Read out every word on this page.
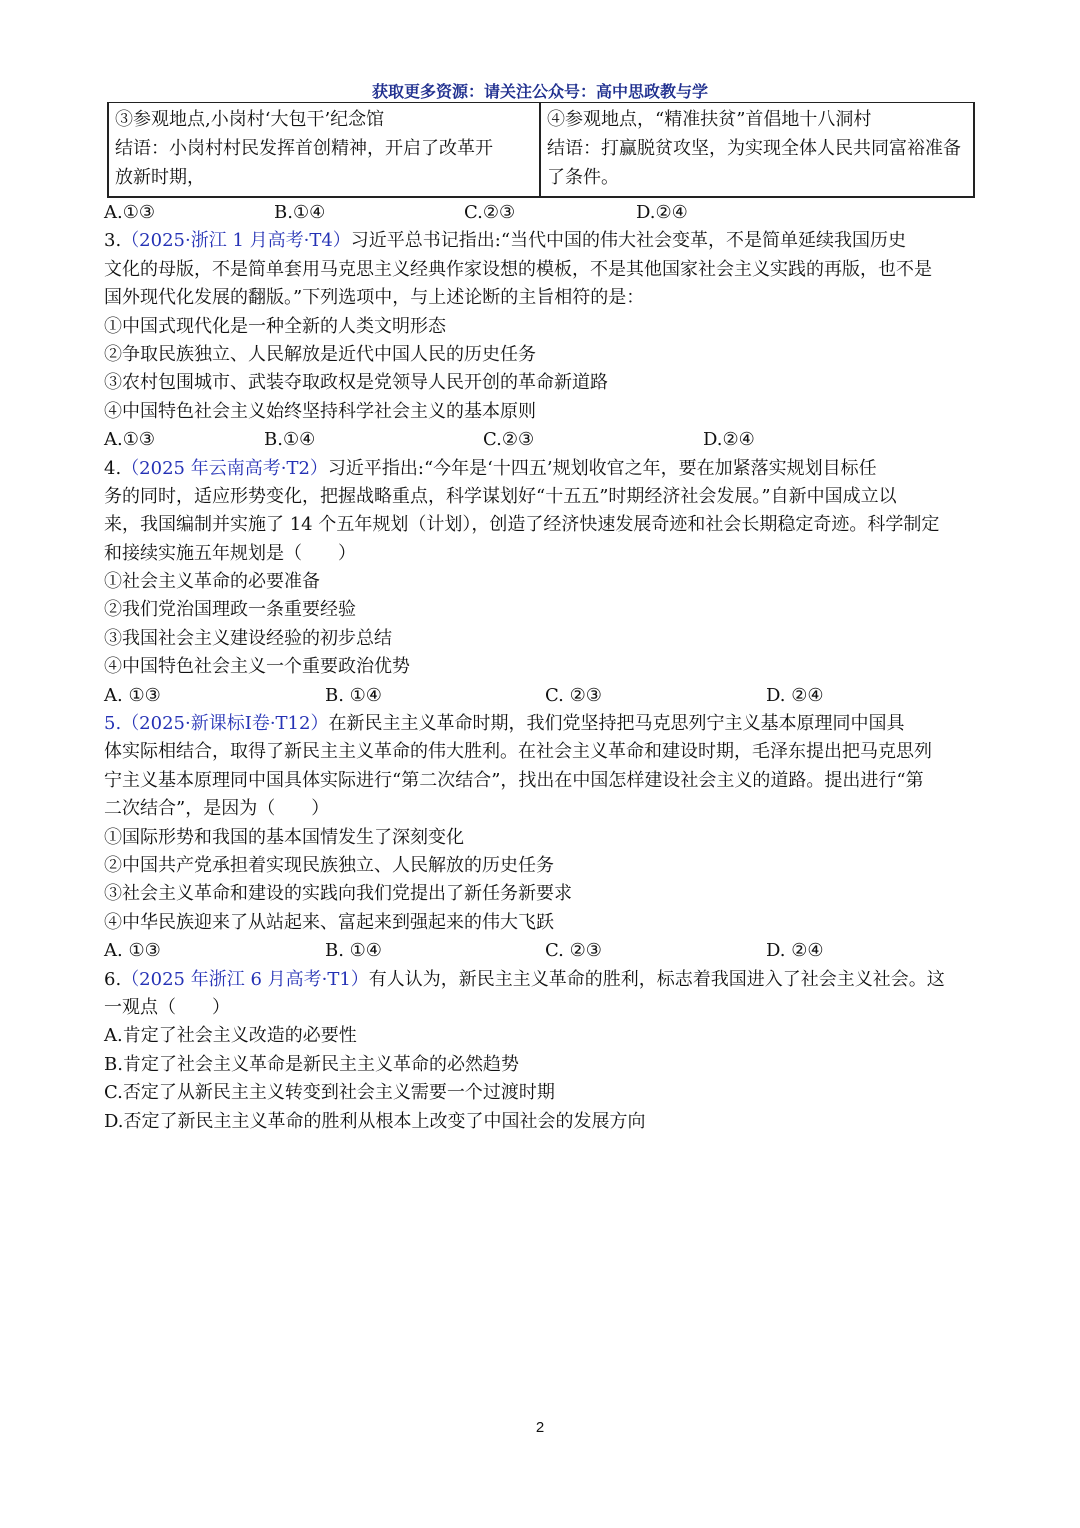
获取更多资源：请关注公众号：高中思政教与学
③参观地点,小岗村‘大包干’纪念馆
结语：小岗村村民发挥首创精神，开启了改革开
放新时期，
④参观地点，“精准扶贫”首倡地十八洞村
结语：打赢脱贫攻坚，为实现全体人民共同富裕准备
了条件。
A.①③	B.①④	C.②③	D.②④
3.（2025·浙江 1 月高考·T4）习近平总书记指出:“当代中国的伟大社会变革，不是简单延续我国历史
文化的母版，不是简单套用马克思主义经典作家设想的模板，不是其他国家社会主义实践的再版，也不是
国外现代化发展的翻版。”下列选项中，与上述论断的主旨相符的是：
①中国式现代化是一种全新的人类文明形态
②争取民族独立、人民解放是近代中国人民的历史任务
③农村包围城市、武装夺取政权是党领导人民开创的革命新道路
④中国特色社会主义始终坚持科学社会主义的基本原则
A.①③	B.①④	C.②③	D.②④
4.（2025 年云南高考·T2）习近平指出:“今年是‘十四五’规划收官之年，要在加紧落实规划目标任
务的同时，适应形势变化，把握战略重点，科学谋划好“十五五”时期经济社会发展。”自新中国成立以
来，我国编制并实施了 14 个五年规划（计划），创造了经济快速发展奇迹和社会长期稳定奇迹。科学制定
和接续实施五年规划是（　　）
①社会主义革命的必要准备
②我们党治国理政一条重要经验
③我国社会主义建设经验的初步总结
④中国特色社会主义一个重要政治优势
A. ①③	B. ①④	C. ②③	D. ②④
5.（2025·新课标Ⅰ卷·T12）在新民主主义革命时期，我们党坚持把马克思列宁主义基本原理同中国具
体实际相结合，取得了新民主主义革命的伟大胜利。在社会主义革命和建设时期，毛泽东提出把马克思列
宁主义基本原理同中国具体实际进行“第二次结合”，找出在中国怎样建设社会主义的道路。提出进行“第
二次结合”，是因为（　　）
①国际形势和我国的基本国情发生了深刻变化
②中国共产党承担着实现民族独立、人民解放的历史任务
③社会主义革命和建设的实践向我们党提出了新任务新要求
④中华民族迎来了从站起来、富起来到强起来的伟大飞跃
A. ①③	B. ①④	C. ②③	D. ②④
6.（2025 年浙江 6 月高考·T1）有人认为，新民主主义革命的胜利，标志着我国进入了社会主义社会。这
一观点（　　）
A.肯定了社会主义改造的必要性
B.肯定了社会主义革命是新民主主义革命的必然趋势
C.否定了从新民主主义转变到社会主义需要一个过渡时期
D.否定了新民主主义革命的胜利从根本上改变了中国社会的发展方向
2
